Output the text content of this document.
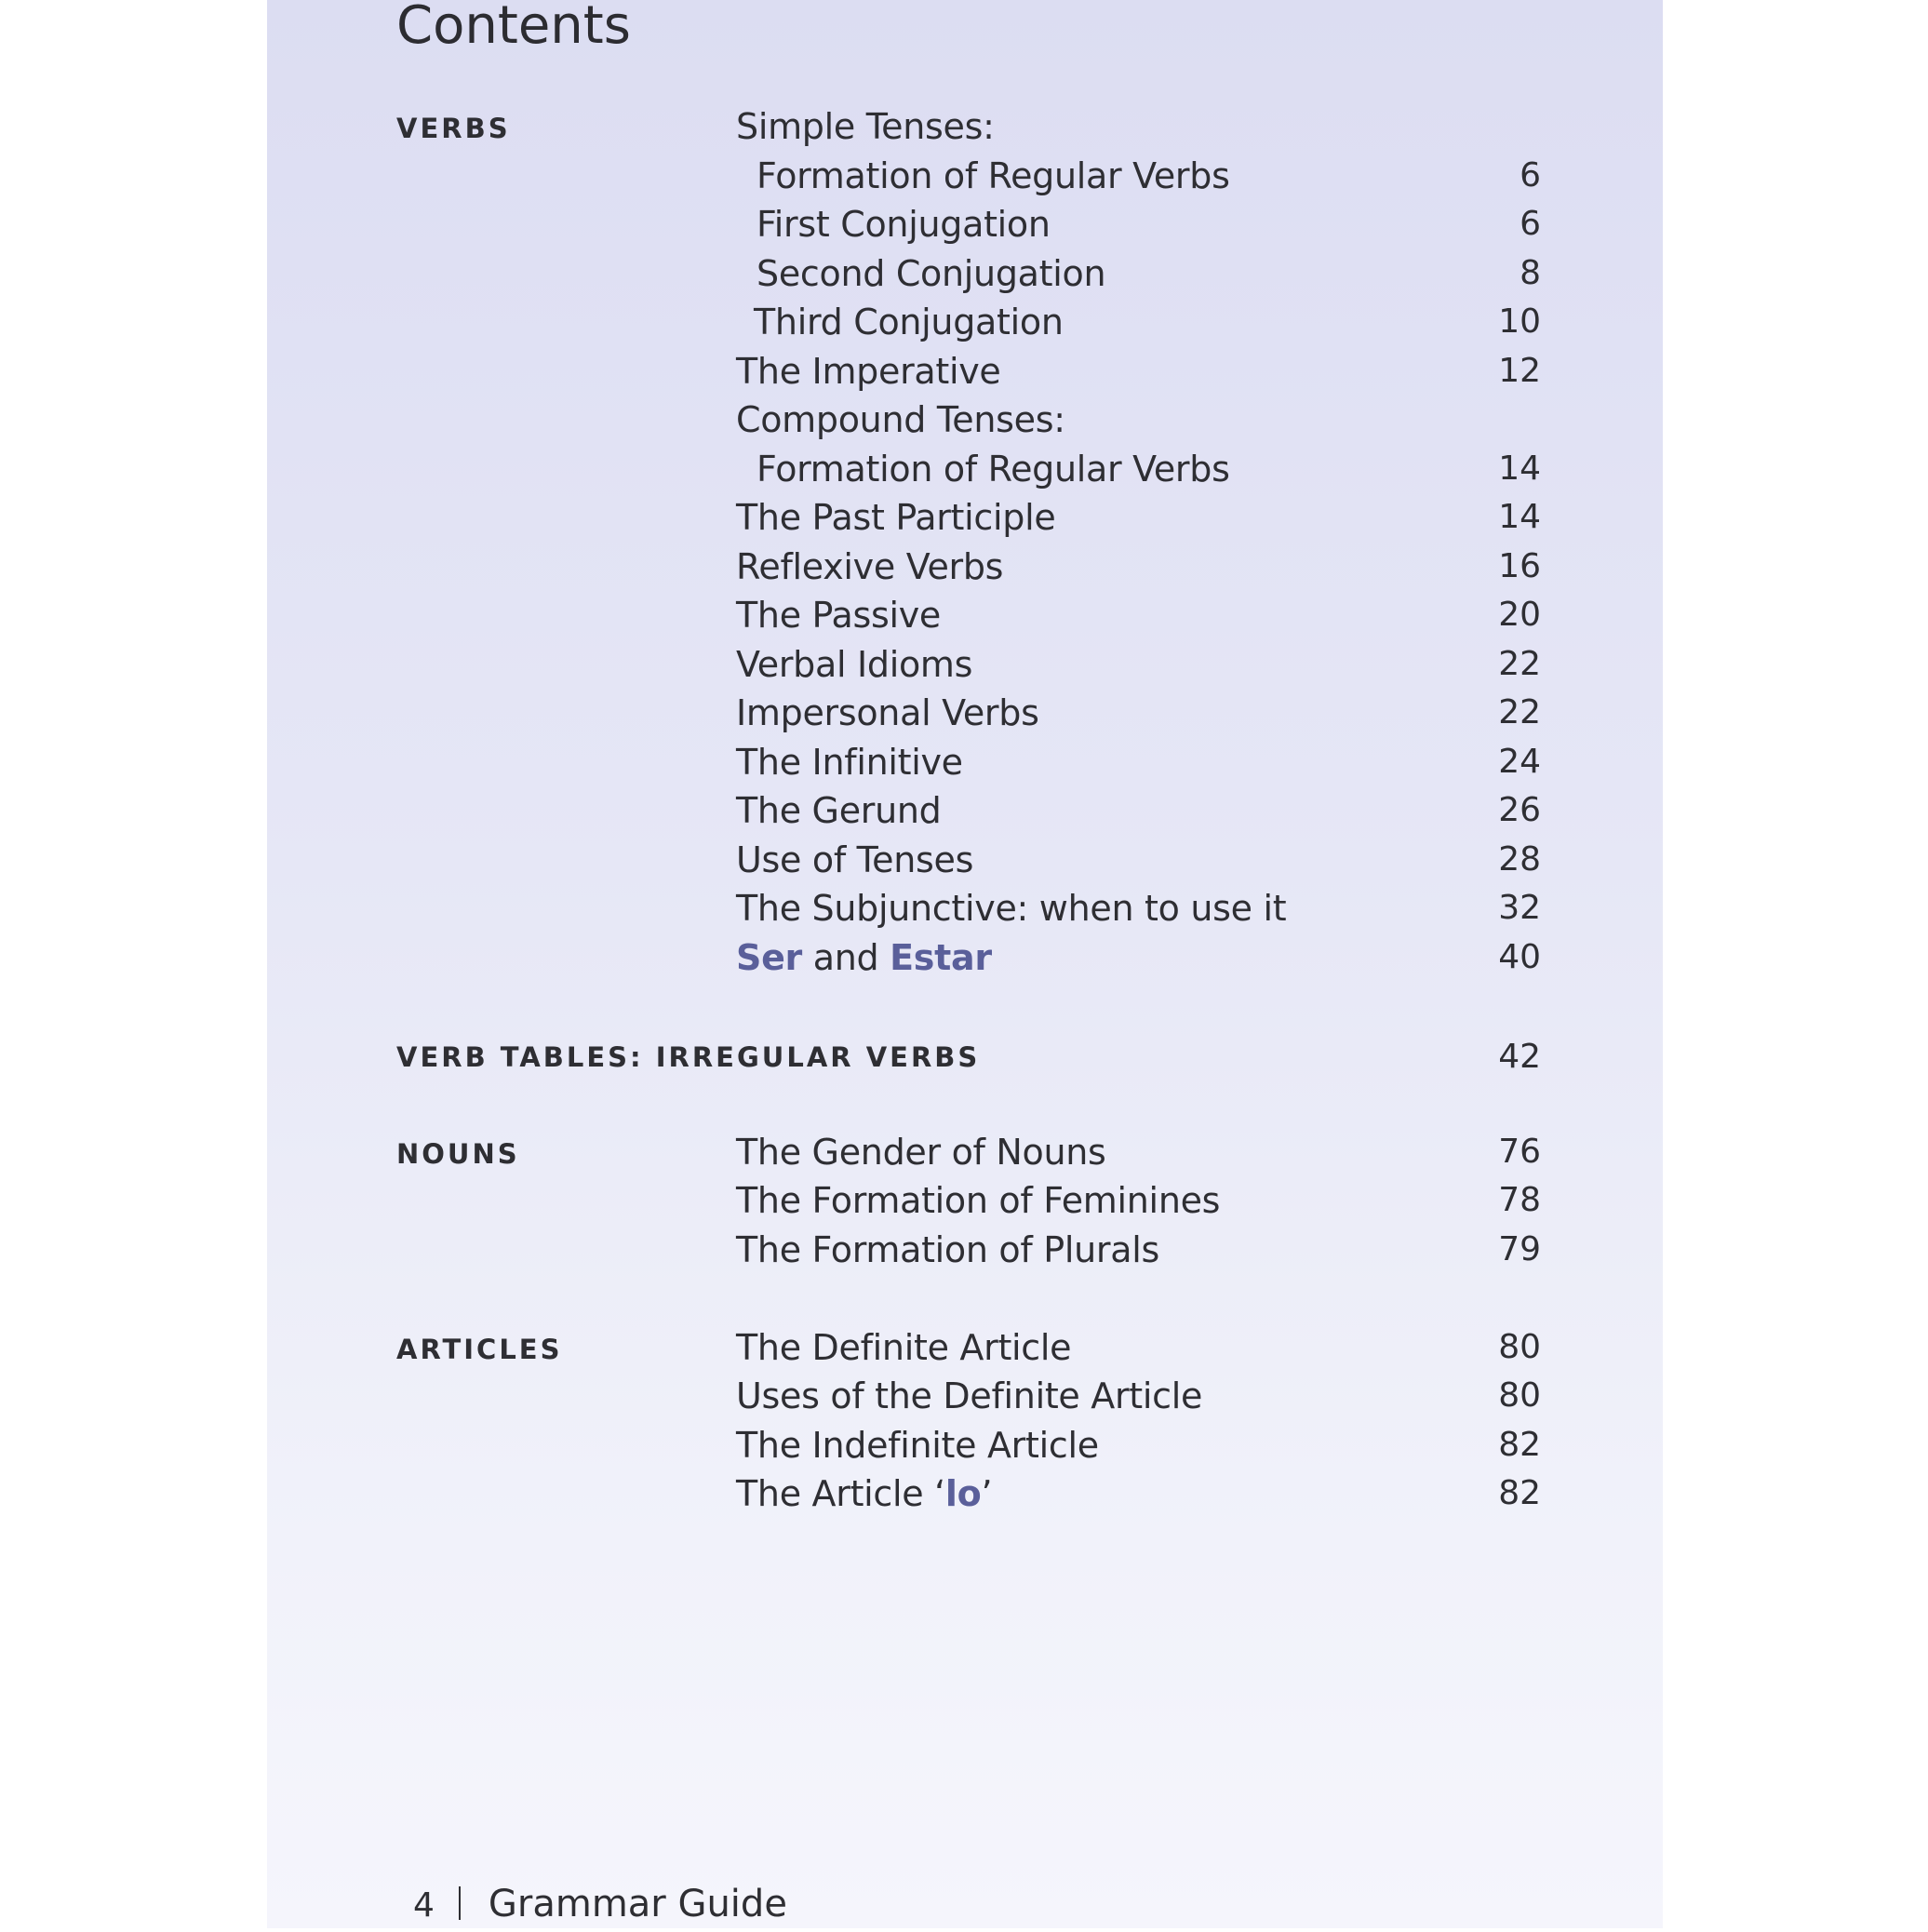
Contents
VERBS	Simple Tenses:
Formation of Regular Verbs	6
First Conjugation	6
Second Conjugation	8
Third Conjugation	10
The Imperative	12
Compound Tenses:
Formation of Regular Verbs	14
The Past Participle	14
Reflexive Verbs	16
The Passive	20
Verbal Idioms	22
Impersonal Verbs	22
The Infinitive	24
The Gerund	26
Use of Tenses	28
The Subjunctive: when to use it	32
Ser and Estar	40
VERB TABLES: IRREGULAR VERBS	42
NOUNS	The Gender of Nouns	76
The Formation of Feminines	78
The Formation of Plurals	79
ARTICLES	The Definite Article	80
Uses of the Definite Article	80
The Indefinite Article	82
The Article ‘lo’	82
4 Grammar Guide
